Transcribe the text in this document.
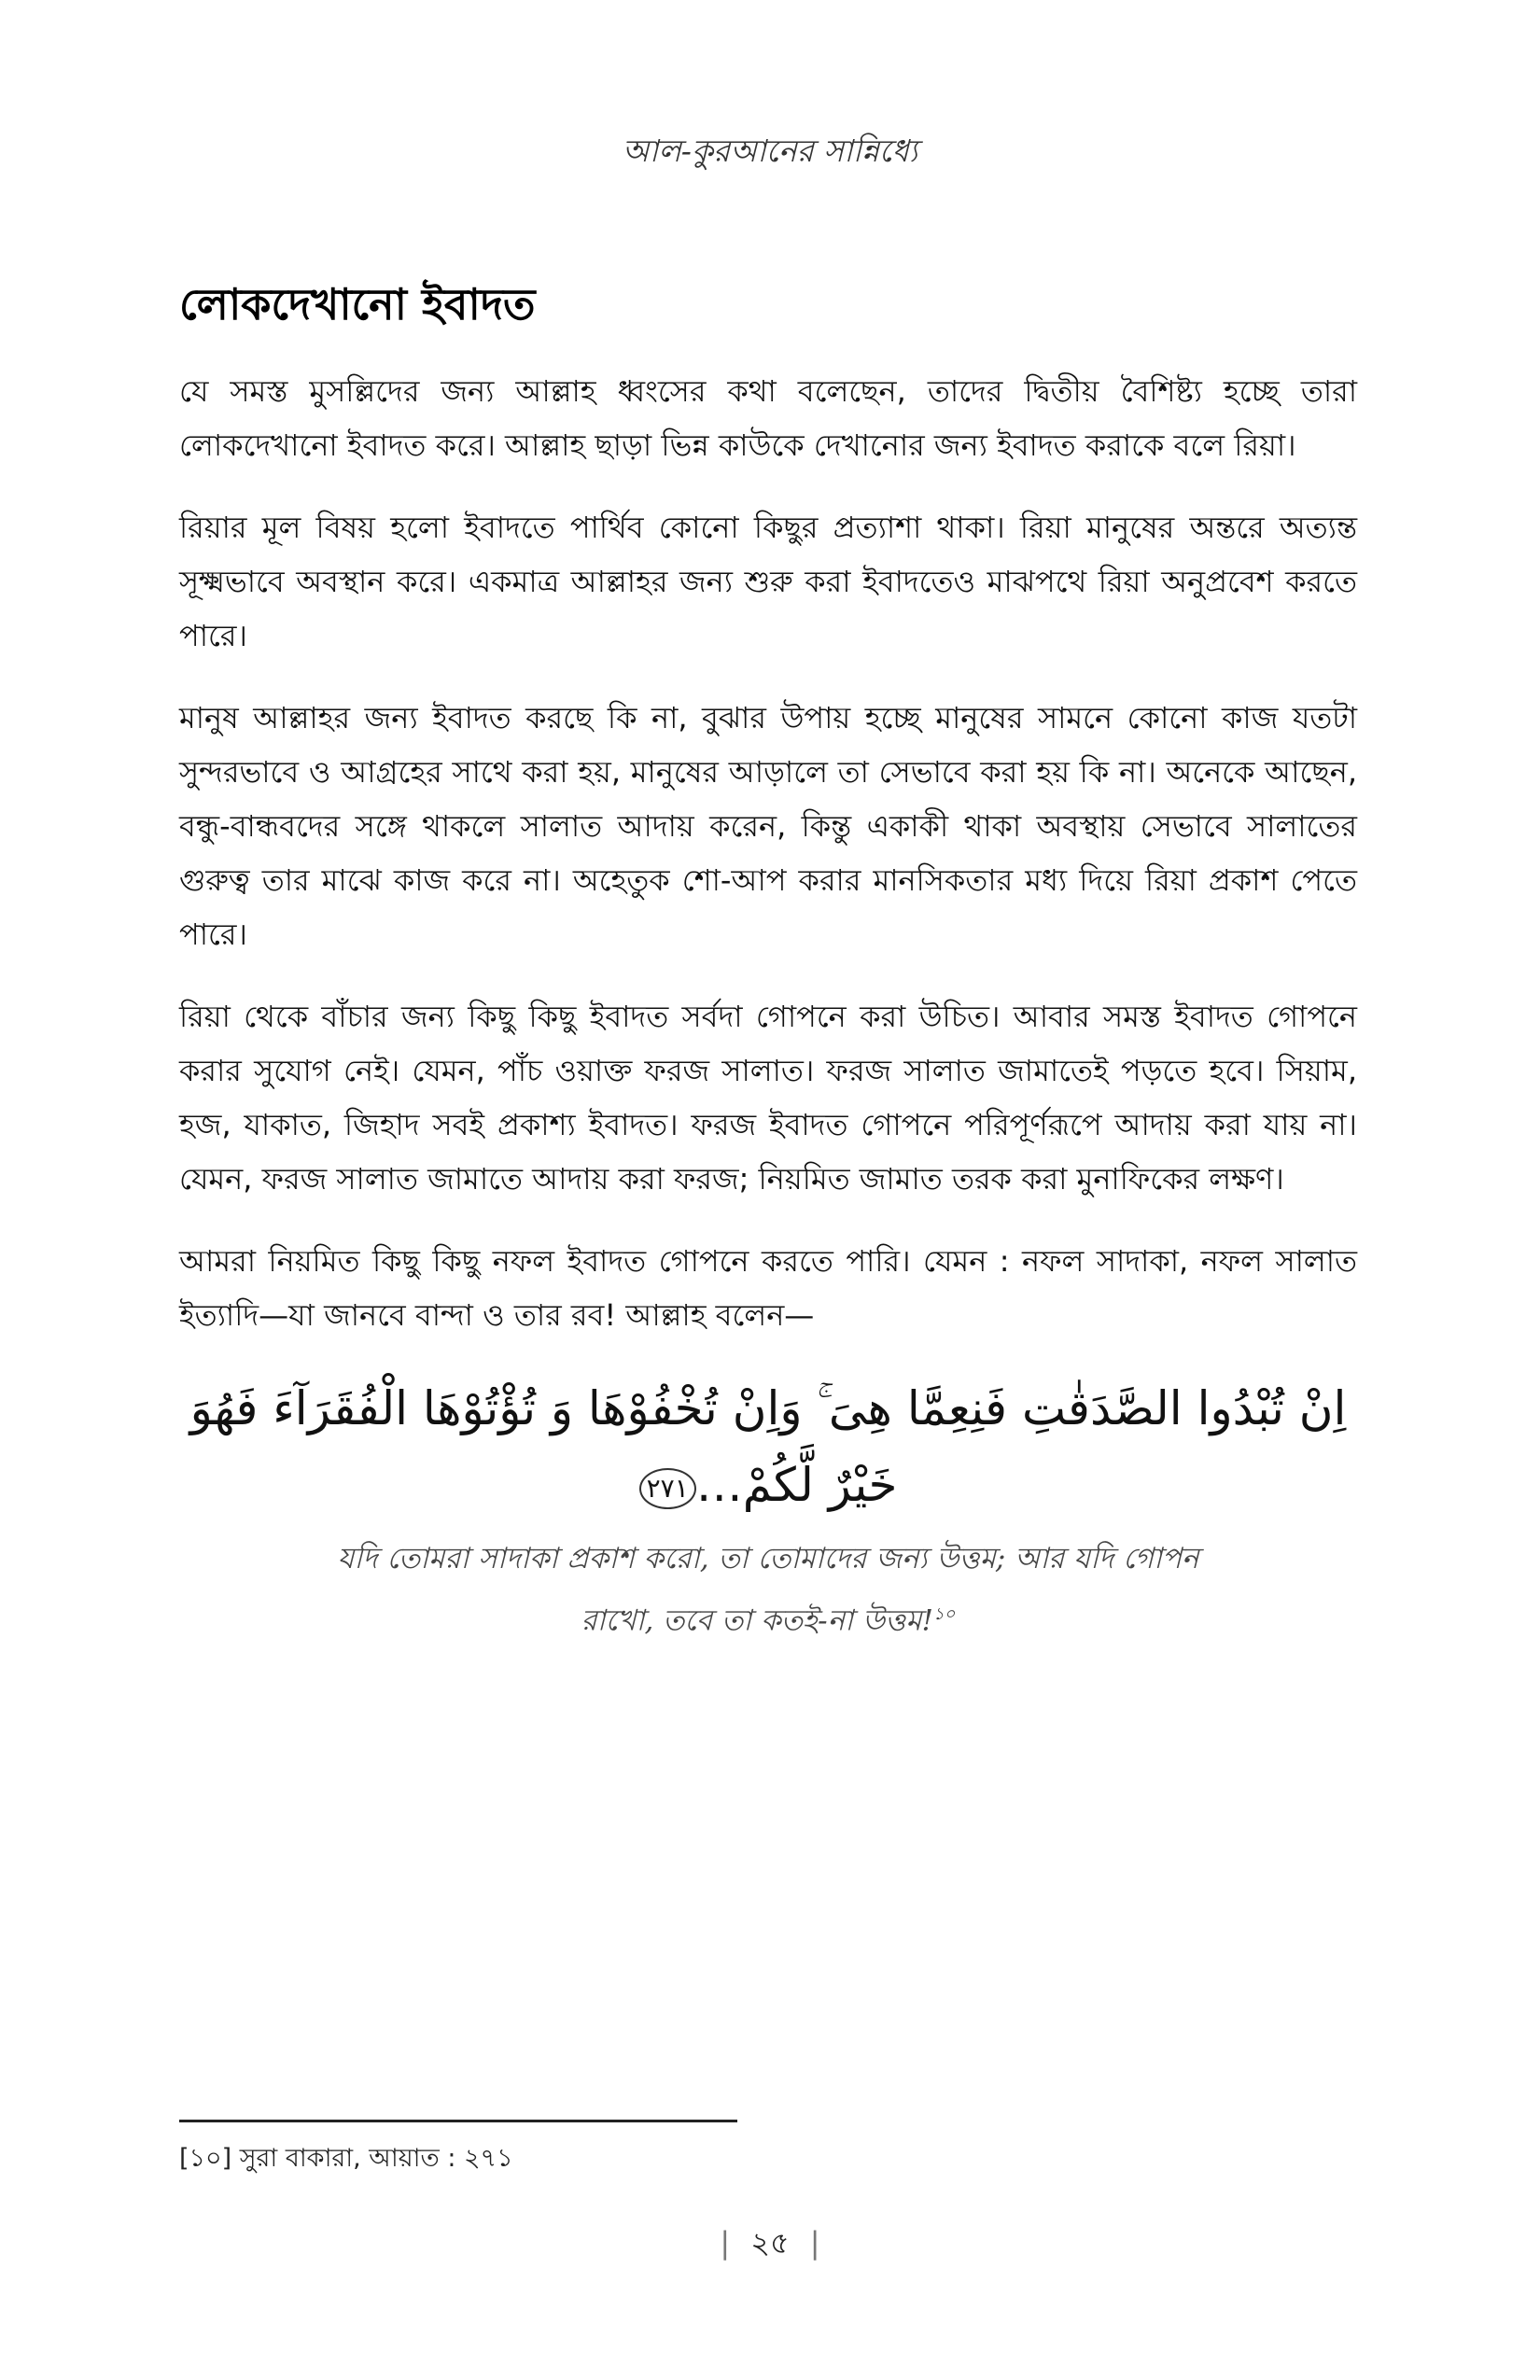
আল-কুরআনের সান্নিধ্যে
লোকদেখানো ইবাদত

যে সমস্ত মুসল্লিদের জন্য আল্লাহ ধ্বংসের কথা বলেছেন, তাদের দ্বিতীয় বৈশিষ্ট্য হচ্ছে তারা লোকদেখানো ইবাদত করে। আল্লাহ ছাড়া ভিন্ন কাউকে দেখানোর জন্য ইবাদত করাকে বলে রিয়া।

রিয়ার মূল বিষয় হলো ইবাদতে পার্থিব কোনো কিছুর প্রত্যাশা থাকা। রিয়া মানুষের অন্তরে অত্যন্ত সূক্ষ্মভাবে অবস্থান করে। একমাত্র আল্লাহর জন্য শুরু করা ইবাদতেও মাঝপথে রিয়া অনুপ্রবেশ করতে পারে।

মানুষ আল্লাহর জন্য ইবাদত করছে কি না, বুঝার উপায় হচ্ছে মানুষের সামনে কোনো কাজ যতটা সুন্দরভাবে ও আগ্রহের সাথে করা হয়, মানুষের আড়ালে তা সেভাবে করা হয় কি না। অনেকে আছেন, বন্ধু-বান্ধবদের সঙ্গে থাকলে সালাত আদায় করেন, কিন্তু একাকী থাকা অবস্থায় সেভাবে সালাতের গুরুত্ব তার মাঝে কাজ করে না। অহেতুক শো-আপ করার মানসিকতার মধ্য দিয়ে রিয়া প্রকাশ পেতে পারে।

রিয়া থেকে বাঁচার জন্য কিছু কিছু ইবাদত সর্বদা গোপনে করা উচিত। আবার সমস্ত ইবাদত গোপনে করার সুযোগ নেই। যেমন, পাঁচ ওয়াক্ত ফরজ সালাত। ফরজ সালাত জামাতেই পড়তে হবে। সিয়াম, হজ, যাকাত, জিহাদ সবই প্রকাশ্য ইবাদত। ফরজ ইবাদত গোপনে পরিপূর্ণরূপে আদায় করা যায় না। যেমন, ফরজ সালাত জামাতে আদায় করা ফরজ; নিয়মিত জামাত তরক করা মুনাফিকের লক্ষণ।

আমরা নিয়মিত কিছু কিছু নফল ইবাদত গোপনে করতে পারি। যেমন : নফল সাদাকা, নফল সালাত ইত্যাদি—যা জানবে বান্দা ও তার রব! আল্লাহ বলেন—

اِنْ تُبْدُوا الصَّدَقٰتِ فَنِعِمَّا هِیَ ۚ وَاِنْ تُخْفُوْهَا وَ تُؤْتُوْهَا الْفُقَرَآءَ فَهُوَ
خَيْرٌ لَّكُمْ…٢٧١
যদি তোমরা সাদাকা প্রকাশ করো, তা তোমাদের জন্য উত্তম; আর যদি গোপন
রাখো, তবে তা কতই-না উত্তম!$^{১০}$
[১০] সুরা বাকারা, আয়াত : ২৭১
| ২৫ |
